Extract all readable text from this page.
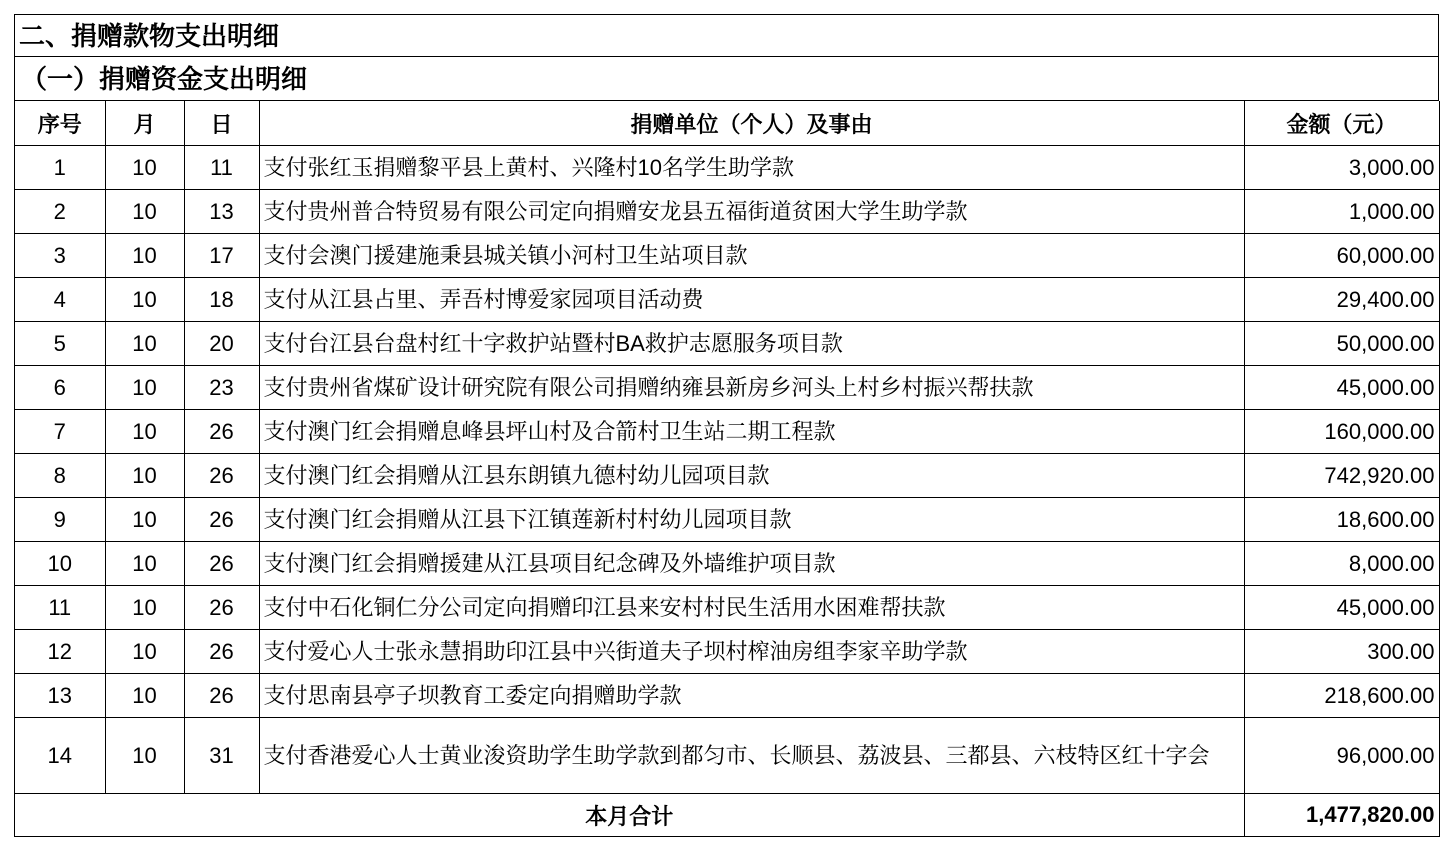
二、捐赠款物支出明细
（一）捐赠资金支出明细
序号	月	日	捐赠单位（个人）及事由	金额（元）
1	10	11	支付张红玉捐赠黎平县上黄村、兴隆村10名学生助学款	3,000.00
2	10	13	支付贵州普合特贸易有限公司定向捐赠安龙县五福街道贫困大学生助学款	1,000.00
3	10	17	支付会澳门援建施秉县城关镇小河村卫生站项目款	60,000.00
4	10	18	支付从江县占里、弄吾村博爱家园项目活动费	29,400.00
5	10	20	支付台江县台盘村红十字救护站暨村BA救护志愿服务项目款	50,000.00
6	10	23	支付贵州省煤矿设计研究院有限公司捐赠纳雍县新房乡河头上村乡村振兴帮扶款	45,000.00
7	10	26	支付澳门红会捐赠息峰县坪山村及合箭村卫生站二期工程款	160,000.00
8	10	26	支付澳门红会捐赠从江县东朗镇九德村幼儿园项目款	742,920.00
9	10	26	支付澳门红会捐赠从江县下江镇莲新村村幼儿园项目款	18,600.00
10	10	26	支付澳门红会捐赠援建从江县项目纪念碑及外墙维护项目款	8,000.00
11	10	26	支付中石化铜仁分公司定向捐赠印江县来安村村民生活用水困难帮扶款	45,000.00
12	10	26	支付爱心人士张永慧捐助印江县中兴街道夫子坝村榨油房组李家辛助学款	300.00
13	10	26	支付思南县亭子坝教育工委定向捐赠助学款	218,600.00
14	10	31	支付香港爱心人士黄业浚资助学生助学款到都匀市、长顺县、荔波县、三都县、六枝特区红十字会	96,000.00
本月合计				1,477,820.00
